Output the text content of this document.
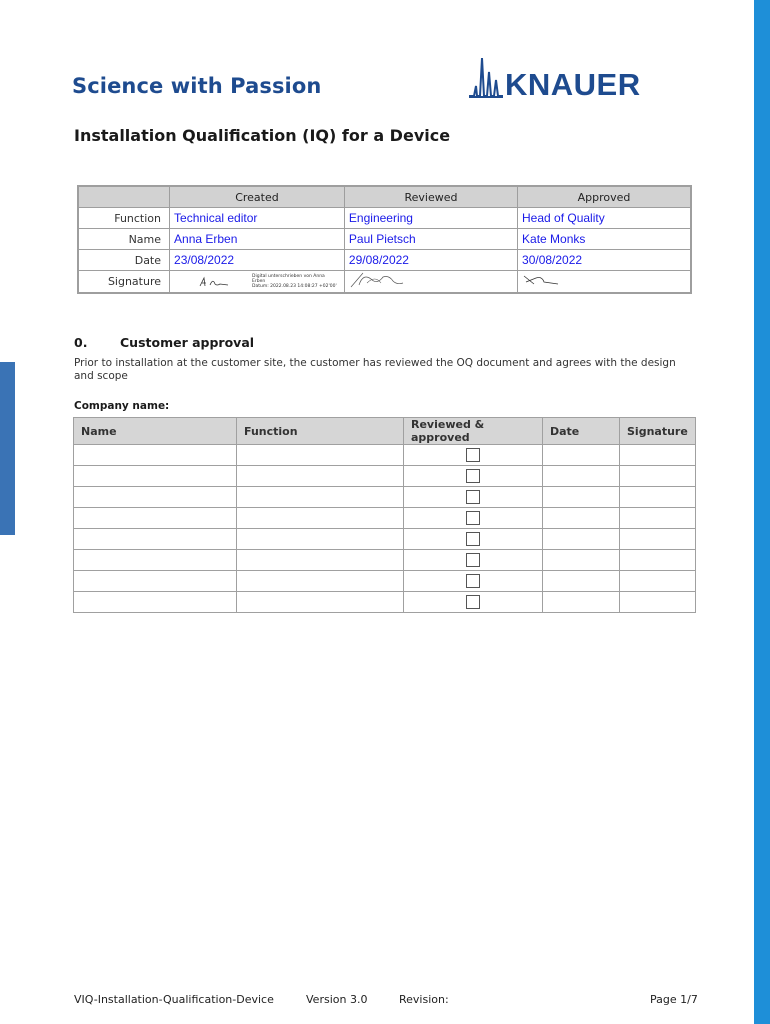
Science with Passion	KNAUER
Installation Qualification (IQ) for a Device
	Created	Reviewed	Approved
Function	Technical editor	Engineering	Head of Quality
Name	Anna Erben	Paul Pietsch	Kate Monks
Date	23/08/2022	29/08/2022	30/08/2022
Signature	Digital unterschrieben von Anna
Erben
Datum: 2022.08.23 14:08:27 +02'00'

0.	Customer approval
Prior to installation at the customer site, the customer has reviewed the OQ document and agrees with the design and scope
Company name:
Name	Function	Reviewed & approved	Date	Signature

VIQ-Installation-Qualification-Device	Version 3.0	Revision:	Page 1/7
